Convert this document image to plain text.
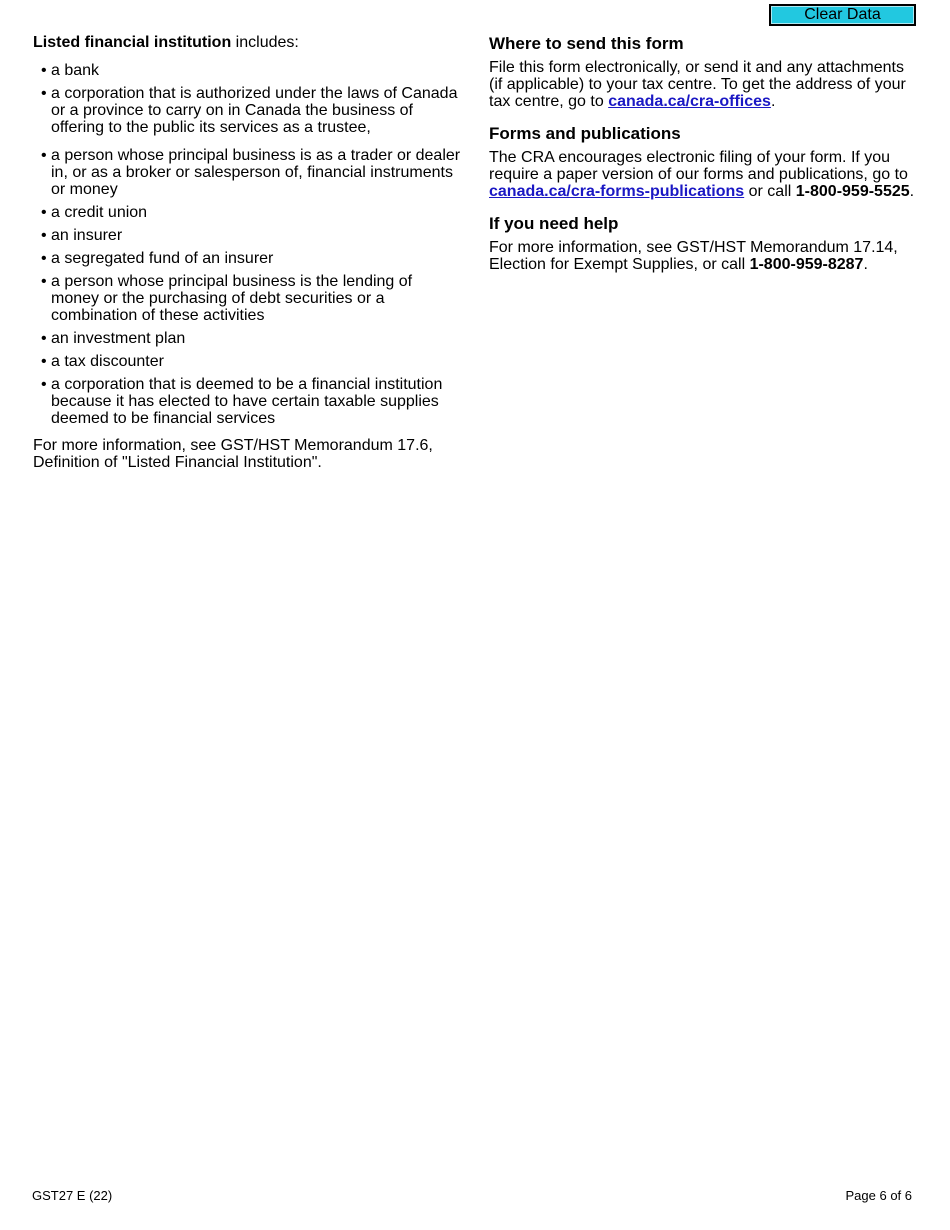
Clear Data

Listed financial institution includes:

• a bank
• a corporation that is authorized under the laws of Canada or a province to carry on in Canada the business of offering to the public its services as a trustee,
• a person whose principal business is as a trader or dealer in, or as a broker or salesperson of, financial instruments or money
• a credit union
• an insurer
• a segregated fund of an insurer
• a person whose principal business is the lending of money or the purchasing of debt securities or a combination of these activities
• an investment plan
• a tax discounter
• a corporation that is deemed to be a financial institution because it has elected to have certain taxable supplies deemed to be financial services

For more information, see GST/HST Memorandum 17.6, Definition of "Listed Financial Institution".

Where to send this form

File this form electronically, or send it and any attachments (if applicable) to your tax centre. To get the address of your tax centre, go to canada.ca/cra-offices.

Forms and publications

The CRA encourages electronic filing of your form. If you require a paper version of our forms and publications, go to canada.ca/cra-forms-publications or call 1-800-959-5525.

If you need help

For more information, see GST/HST Memorandum 17.14, Election for Exempt Supplies, or call 1-800-959-8287.

GST27 E (22)	Page 6 of 6
